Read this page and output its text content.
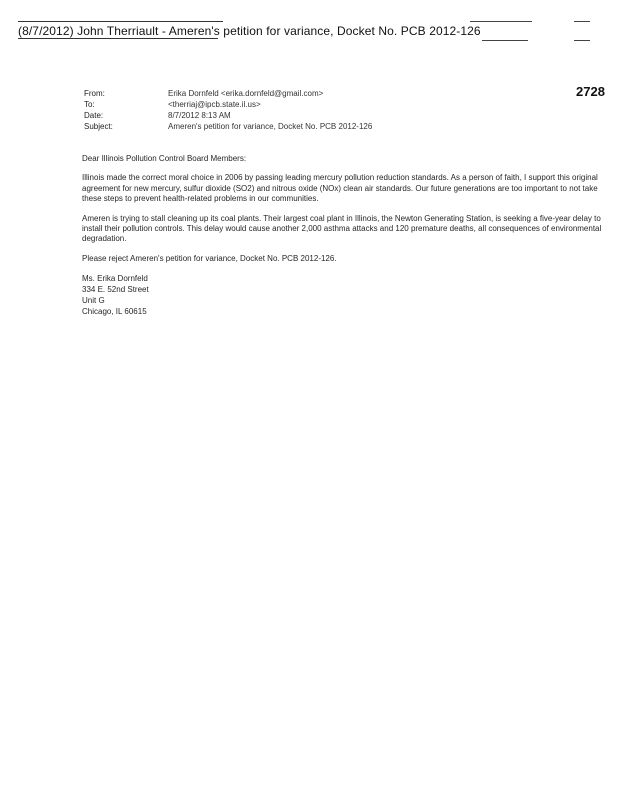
(8/7/2012) John Therriault - Ameren's petition for variance, Docket No. PCB 2012-126
2728
From:	Erika Dornfeld <erika.dornfeld@gmail.com>
To:	<therriaj@ipcb.state.il.us>
Date:	8/7/2012 8:13 AM
Subject:	Ameren's petition for variance, Docket No. PCB 2012-126

Dear Illinois Pollution Control Board Members:

Illinois made the correct moral choice in 2006 by passing leading mercury pollution reduction standards. As a person of faith, I support this original agreement for new mercury, sulfur dioxide (SO2) and nitrous oxide (NOx) clean air standards. Our future generations are too important to not take these steps to prevent health-related problems in our communities.

Ameren is trying to stall cleaning up its coal plants. Their largest coal plant in Illinois, the Newton Generating Station, is seeking a five-year delay to install their pollution controls. This delay would cause another 2,000 asthma attacks and 120 premature deaths, all consequences of environmental degradation.

Please reject Ameren's petition for variance, Docket No. PCB 2012-126.

Ms. Erika Dornfeld
334 E. 52nd Street
Unit G
Chicago, IL 60615
